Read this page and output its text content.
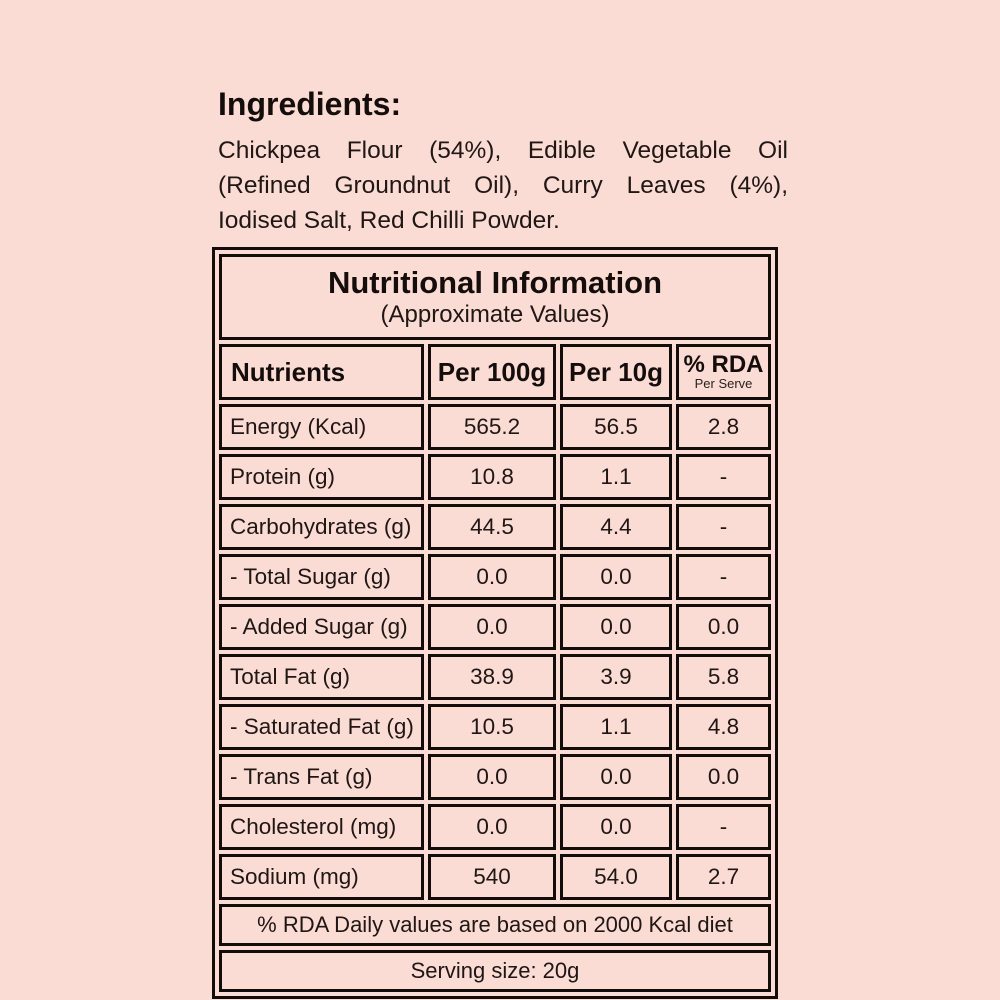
Ingredients:

Chickpea Flour (54%), Edible Vegetable Oil (Refined Groundnut Oil), Curry Leaves (4%), Iodised Salt, Red Chilli Powder.

Nutritional Information
(Approximate Values)			

Nutrients	Per 100g	Per 10g	% RDA
Per Serve

Energy (Kcal)	565.2	56.5	2.8
Protein (g)	10.8	1.1	-
Carbohydrates (g)	44.5	4.4	-
- Total Sugar (g)	0.0	0.0	-
- Added Sugar (g)	0.0	0.0	0.0
Total Fat (g)	38.9	3.9	5.8
- Saturated Fat (g)	10.5	1.1	4.8
- Trans Fat (g)	0.0	0.0	0.0
Cholesterol (mg)	0.0	0.0	-
Sodium (mg)	540	54.0	2.7
% RDA Daily values are based on 2000 Kcal diet			
Serving size: 20g			
